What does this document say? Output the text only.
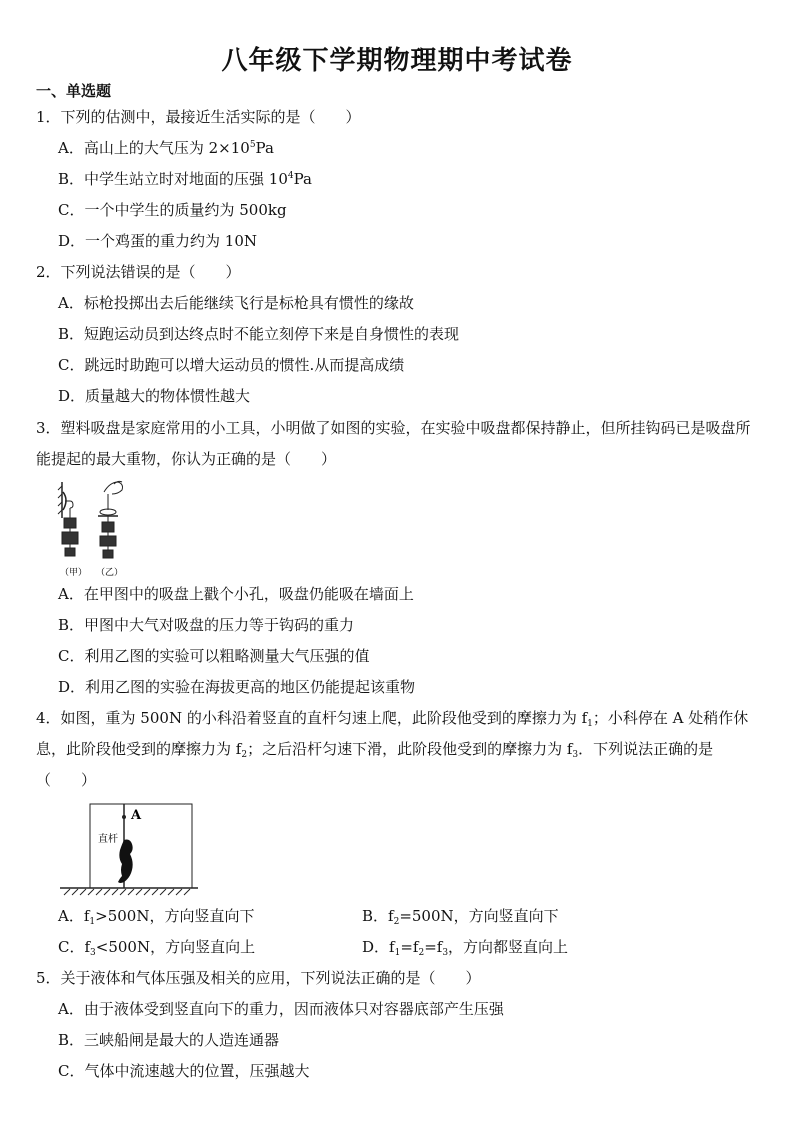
八年级下学期物理期中考试卷
一、单选题
1．下列的估测中，最接近生活实际的是（　　）
A．高山上的大气压为 $2\times 10^5Pa$
B．中学生站立时对地面的压强 $10^4Pa$
C．一个中学生的质量约为 500kg
D．一个鸡蛋的重力约为 10N
2．下列说法错误的是（　　）
A．标枪投掷出去后能继续飞行是标枪具有惯性的缘故
B．短跑运动员到达终点时不能立刻停下来是自身惯性的表现
C．跳远时助跑可以增大运动员的惯性.从而提高成绩
D．质量越大的物体惯性越大
3．塑料吸盘是家庭常用的小工具，小明做了如图的实验，在实验中吸盘都保持静止，但所挂钩码已是吸盘所能提起的最大重物，你认为正确的是（　　）
（甲） （乙）
A．在甲图中的吸盘上戳个小孔，吸盘仍能吸在墙面上
B．甲图中大气对吸盘的压力等于钩码的重力
C．利用乙图的实验可以粗略测量大气压强的值
D．利用乙图的实验在海拔更高的地区仍能提起该重物
4．如图，重为 500N 的小科沿着竖直的直杆匀速上爬，此阶段他受到的摩擦力为 $f_1$；小科停在 A 处稍作休息，此阶段他受到的摩擦力为 $f_2$；之后沿杆匀速下滑，此阶段他受到的摩擦力为 $f_3$．下列说法正确的是（　　）
A
直杆
A．$f_1>500N$，方向竖直向下	B．$f_2=500N$，方向竖直向下
C．$f_3<500N$，方向竖直向上	D．$f_1=f_2=f_3$，方向都竖直向上
5．关于液体和气体压强及相关的应用，下列说法正确的是（　　）
A．由于液体受到竖直向下的重力，因而液体只对容器底部产生压强
B．三峡船闸是最大的人造连通器
C．气体中流速越大的位置，压强越大
